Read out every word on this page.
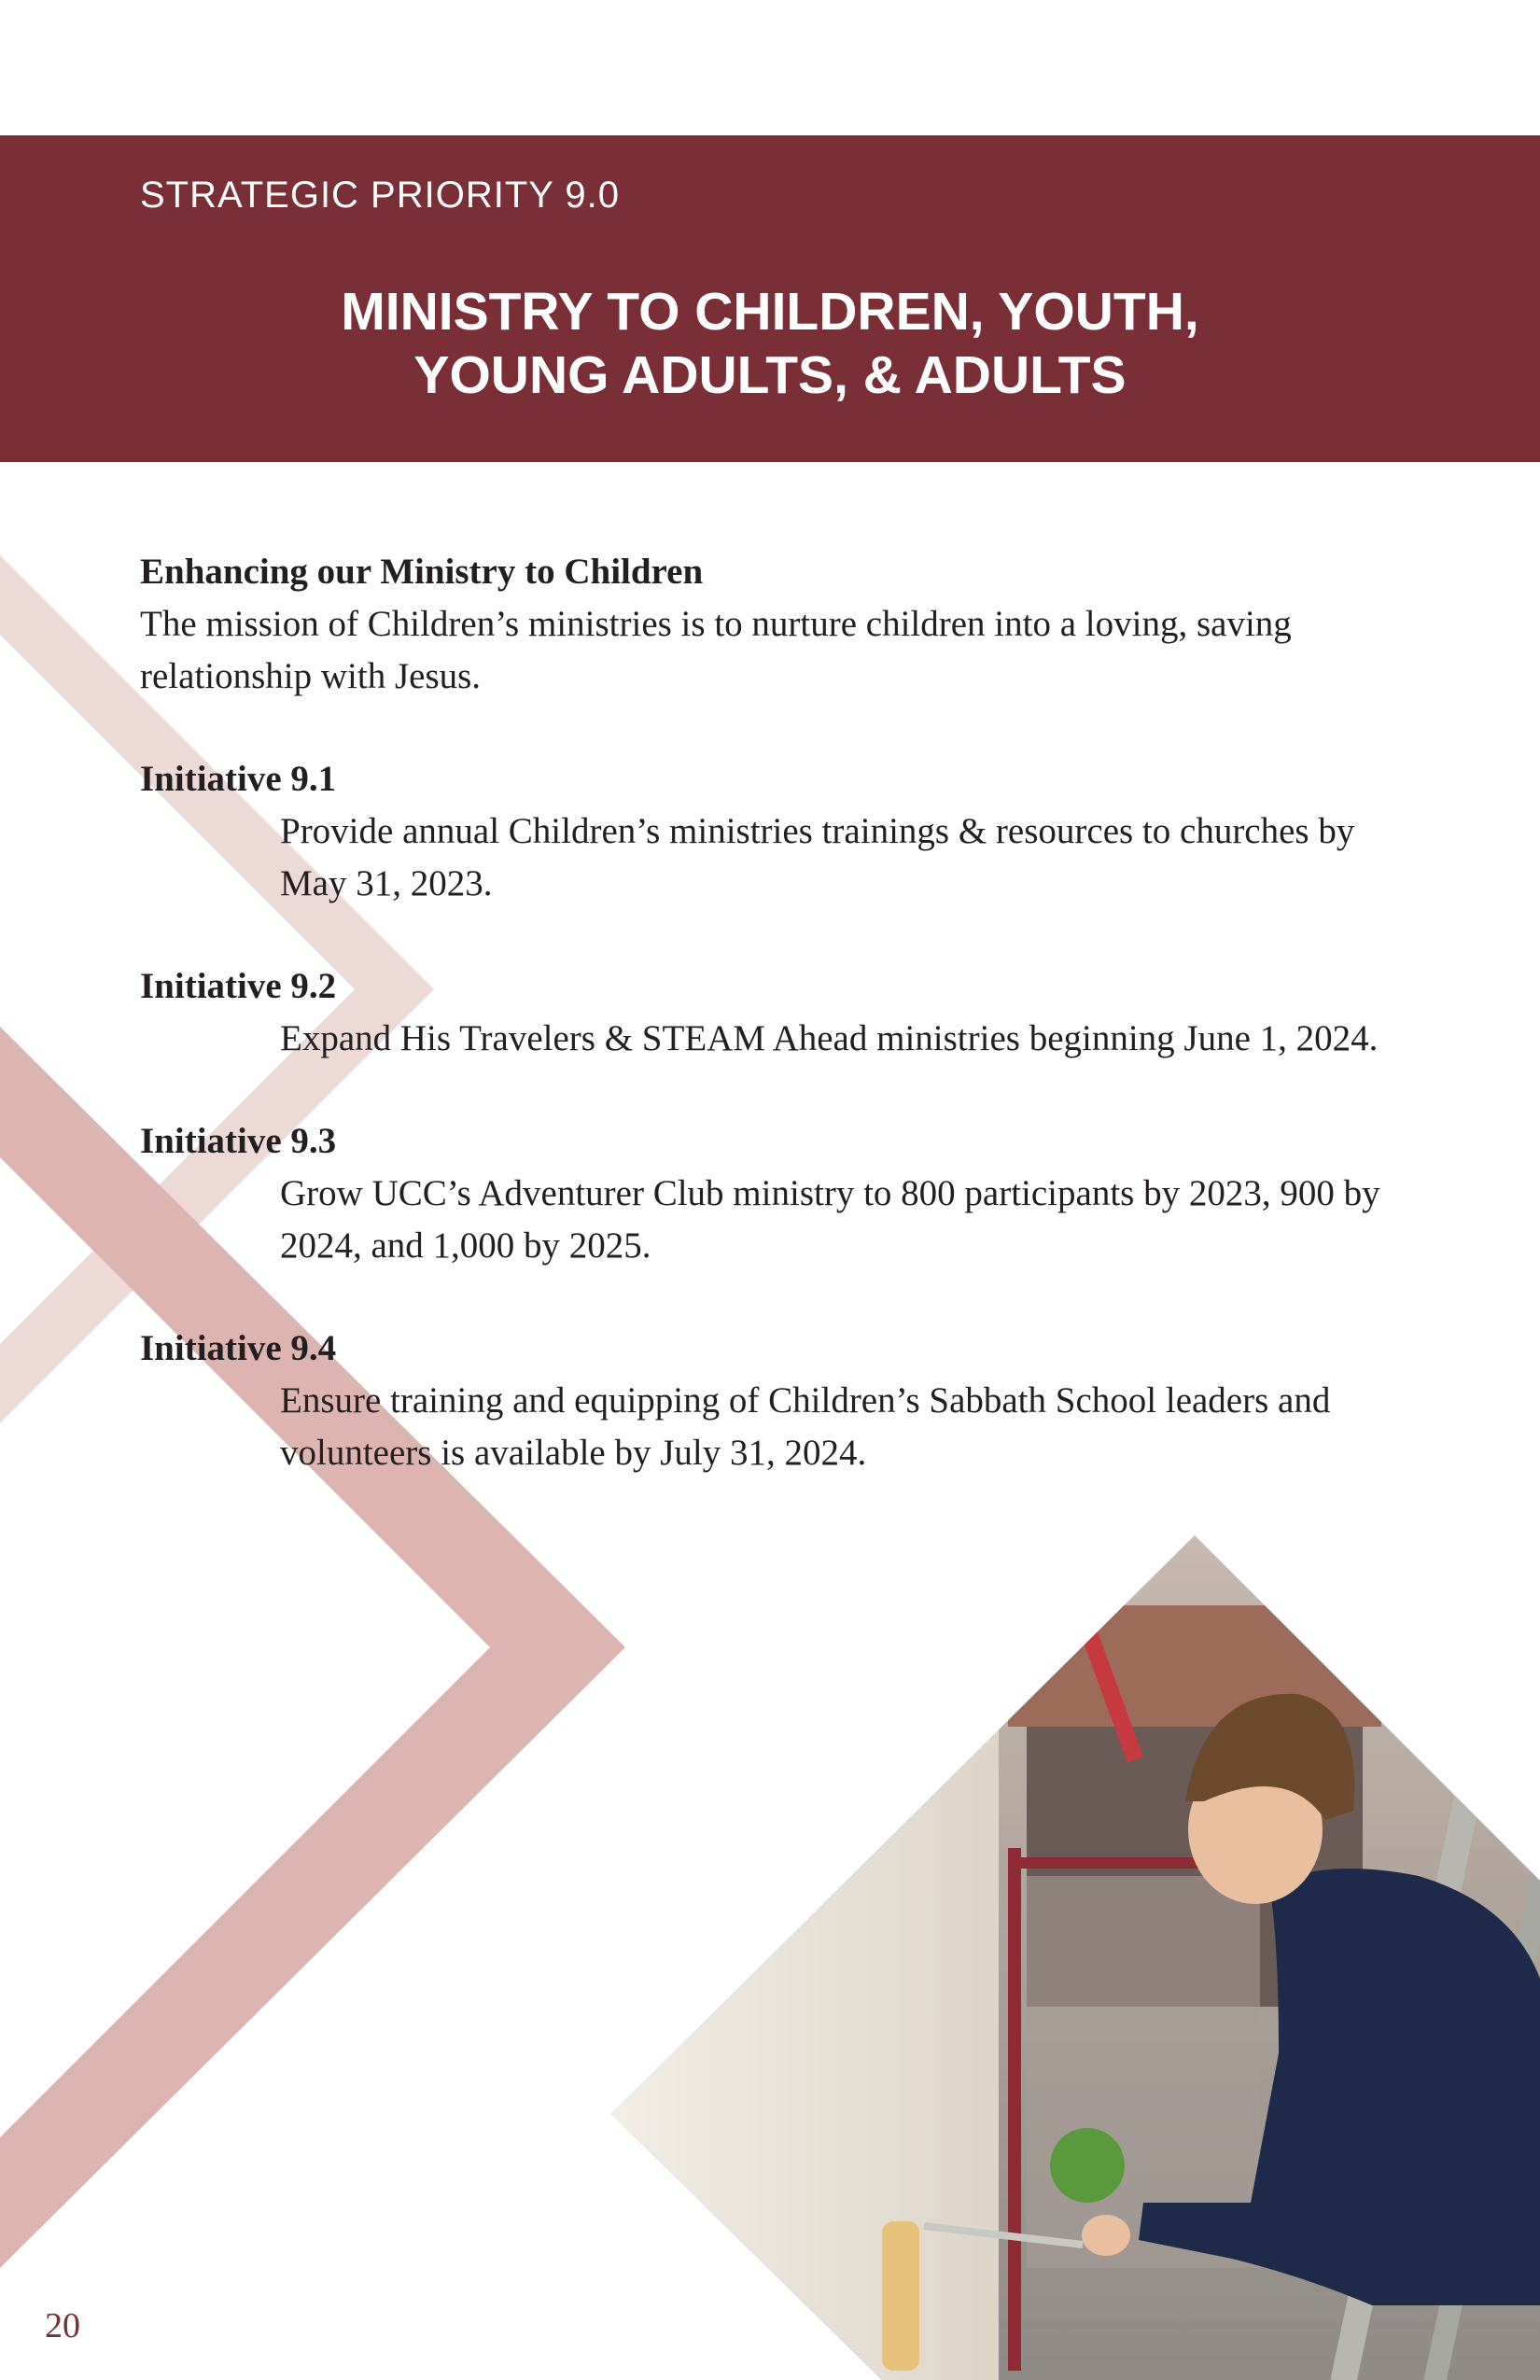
STRATEGIC PRIORITY 9.0
MINISTRY TO CHILDREN, YOUTH,
YOUNG ADULTS, & ADULTS

Enhancing our Ministry to Children

The mission of Children’s ministries is to nurture children into a loving, saving relationship with Jesus.

Initiative 9.1
Provide annual Children’s ministries trainings & resources to churches by May 31, 2023.
Initiative 9.2
Expand His Travelers & STEAM Ahead ministries beginning June 1, 2024.
Initiative 9.3
Grow UCC’s Adventurer Club ministry to 800 participants by 2023, 900 by 2024, and 1,000 by 2025.
Initiative 9.4
Ensure training and equipping of Children’s Sabbath School leaders and volunteers is available by July 31, 2024.
20
